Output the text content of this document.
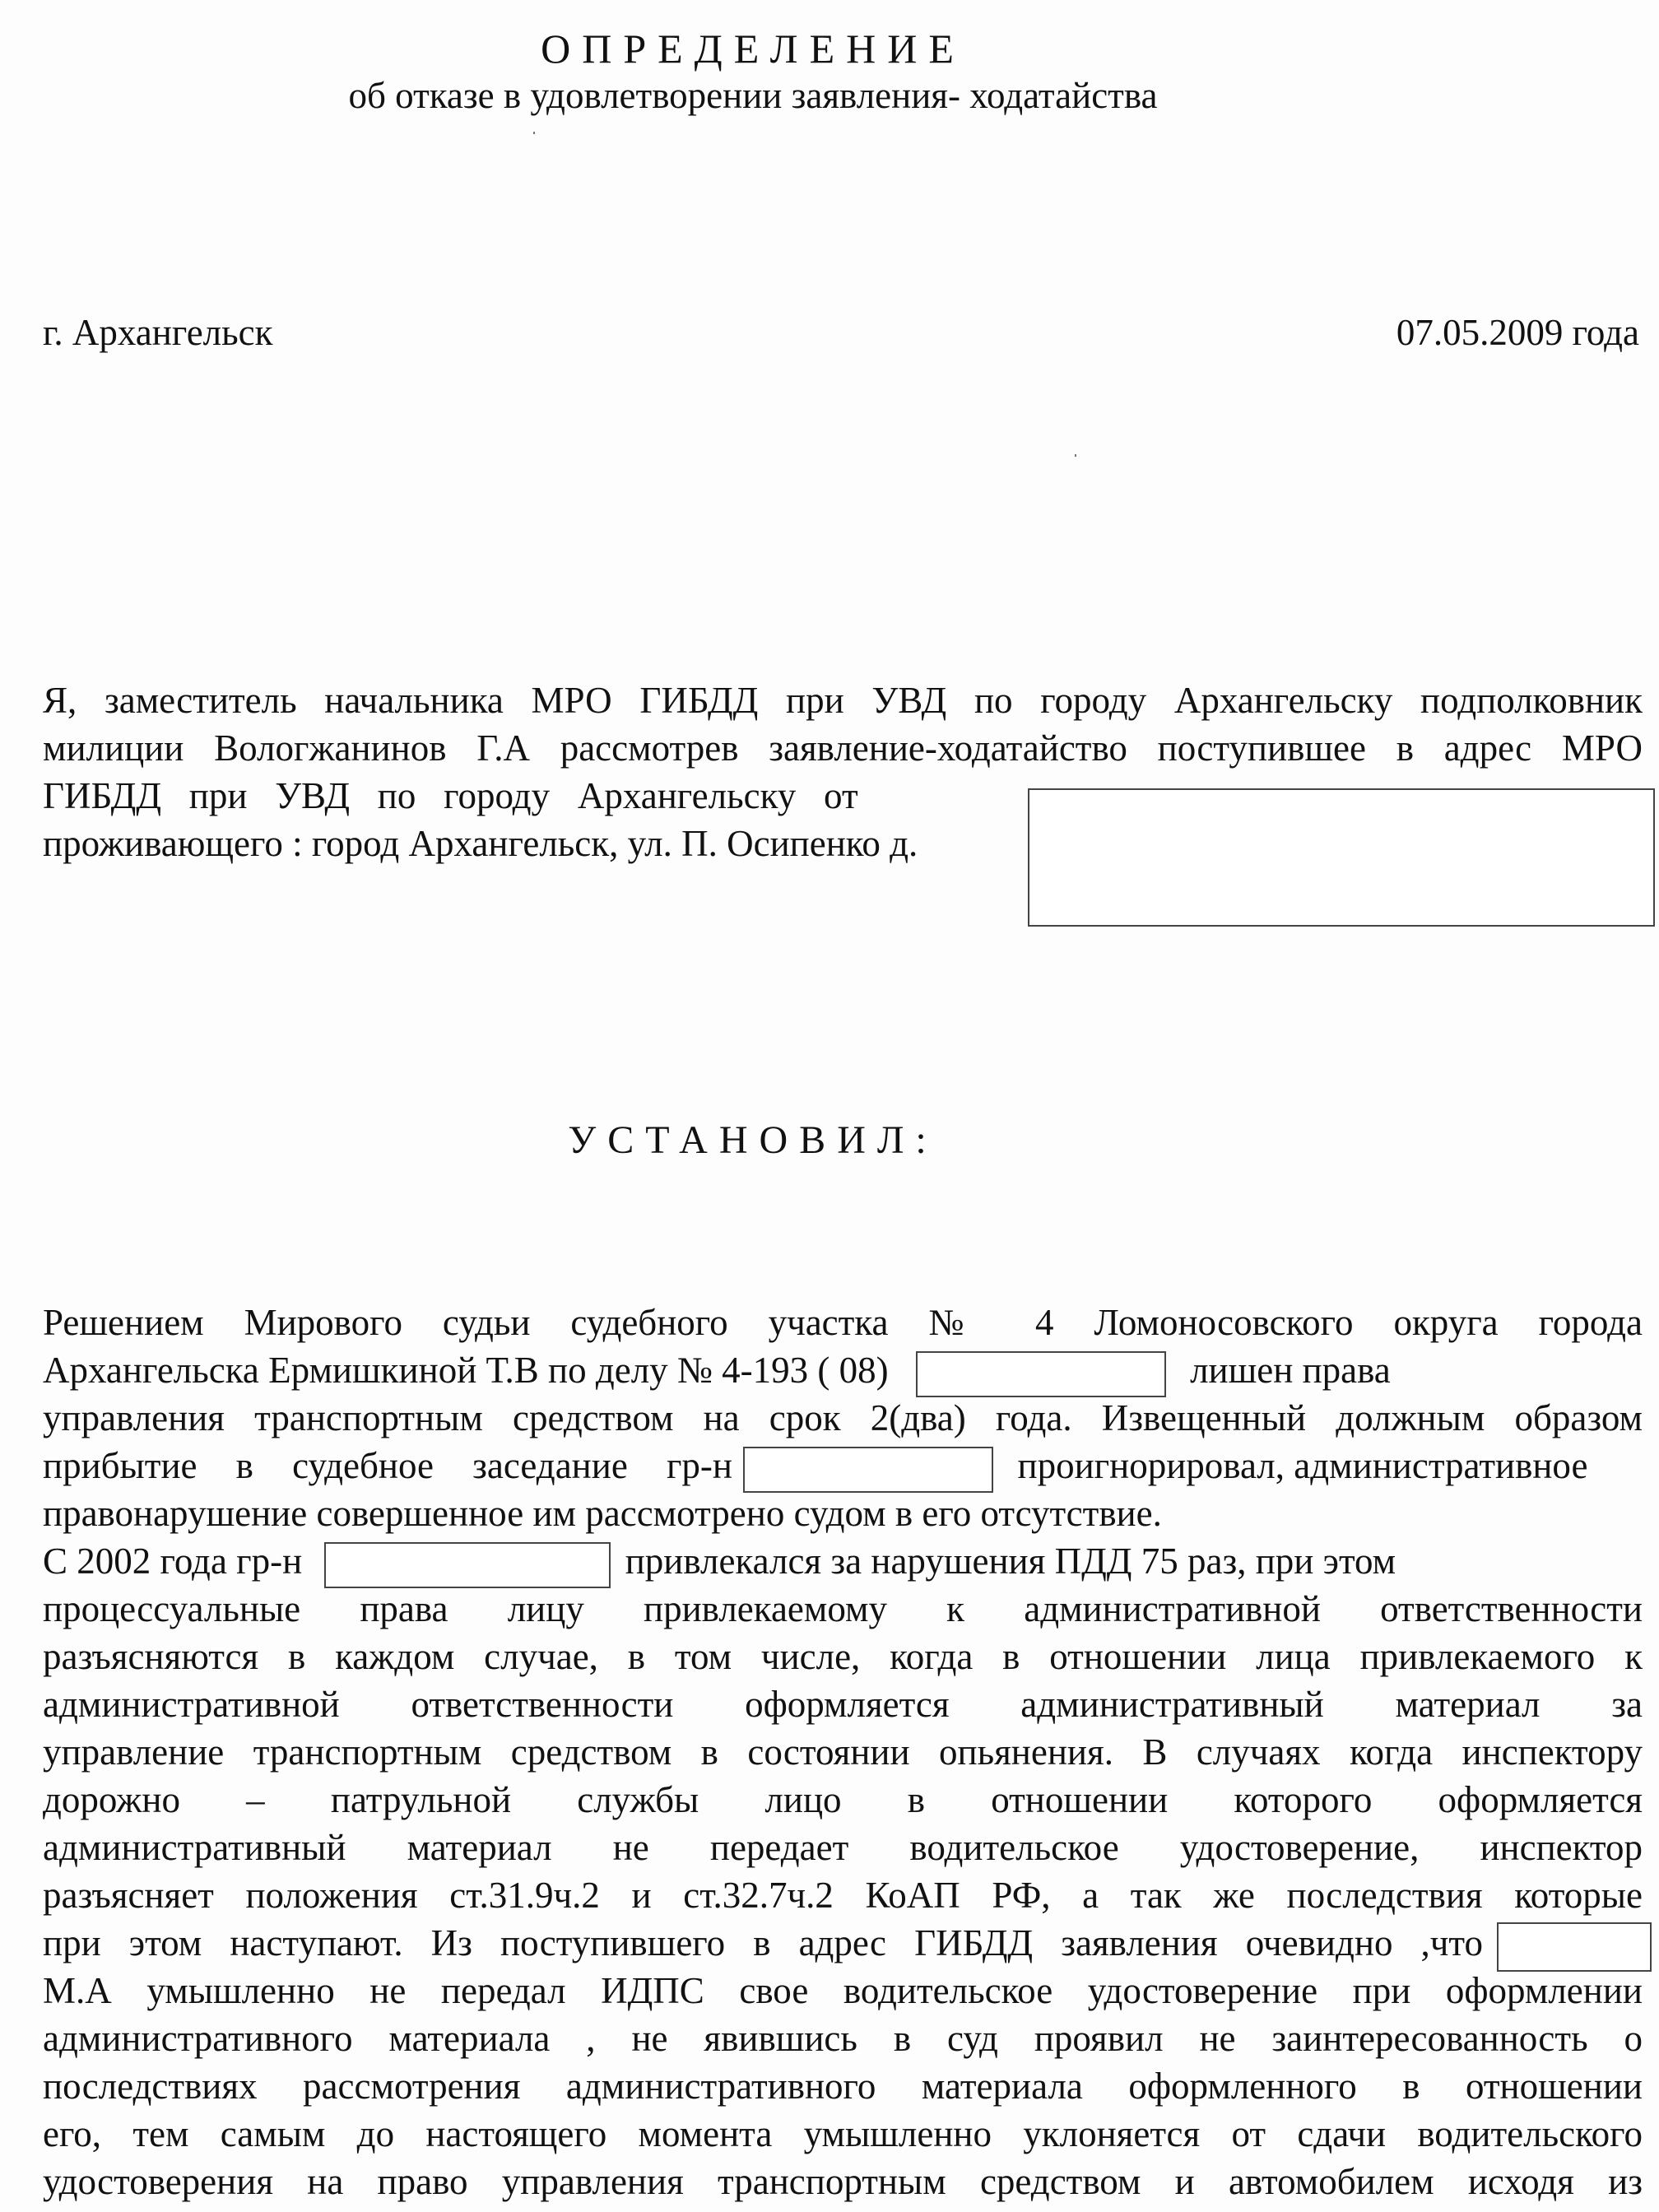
ОПРЕДЕЛЕНИЕ
об отказе в удовлетворении заявления- ходатайства
г. Архангельск	07.05.2009 года
Я, заместитель начальника МРО ГИБДД при УВД по городу Архангельску подполковник
милиции Вологжанинов Г.А рассмотрев заявление-ходатайство поступившее в адрес МРО
ГИБДД   при   УВД   по   городу   Архангельску   от
проживающего : город Архангельск, ул. П. Осипенко д.
УСТАНОВИЛ:
Решением Мирового судьи судебного участка № 4 Ломоносовского округа города
Архангельска Ермишкиной Т.В по делу № 4-193 ( 08)	лишен права
управления транспортным средством на срок 2(два) года. Извещенный должным образом
прибытие в судебное заседание гр-н	проигнорировал, административное
правонарушение совершенное им рассмотрено судом в его отсутствие.
С 2002 года гр-н	привлекался за нарушения ПДД 75 раз, при этом
процессуальные права лицу привлекаемому к административной ответственности
разъясняются в каждом случае, в том числе, когда в отношении лица привлекаемого к
административной ответственности оформляется административный материал за
управление транспортным средством в состоянии опьянения. В случаях когда инспектору
дорожно – патрульной службы лицо в отношении которого оформляется
административный материал не передает водительское удостоверение, инспектор
разъясняет положения ст.31.9ч.2 и ст.32.7ч.2 КоАП РФ, а так же последствия которые
при этом наступают. Из поступившего в адрес ГИБДД заявления очевидно ,что
М.А умышленно не передал ИДПС свое водительское удостоверение при оформлении
административного материала , не явившись в суд проявил не заинтересованность о
последствиях рассмотрения административного материала оформленного в отношении
его, тем самым до настоящего момента умышленно уклоняется от сдачи водительского
удостоверения на право управления транспортным средством и автомобилем исходя из
